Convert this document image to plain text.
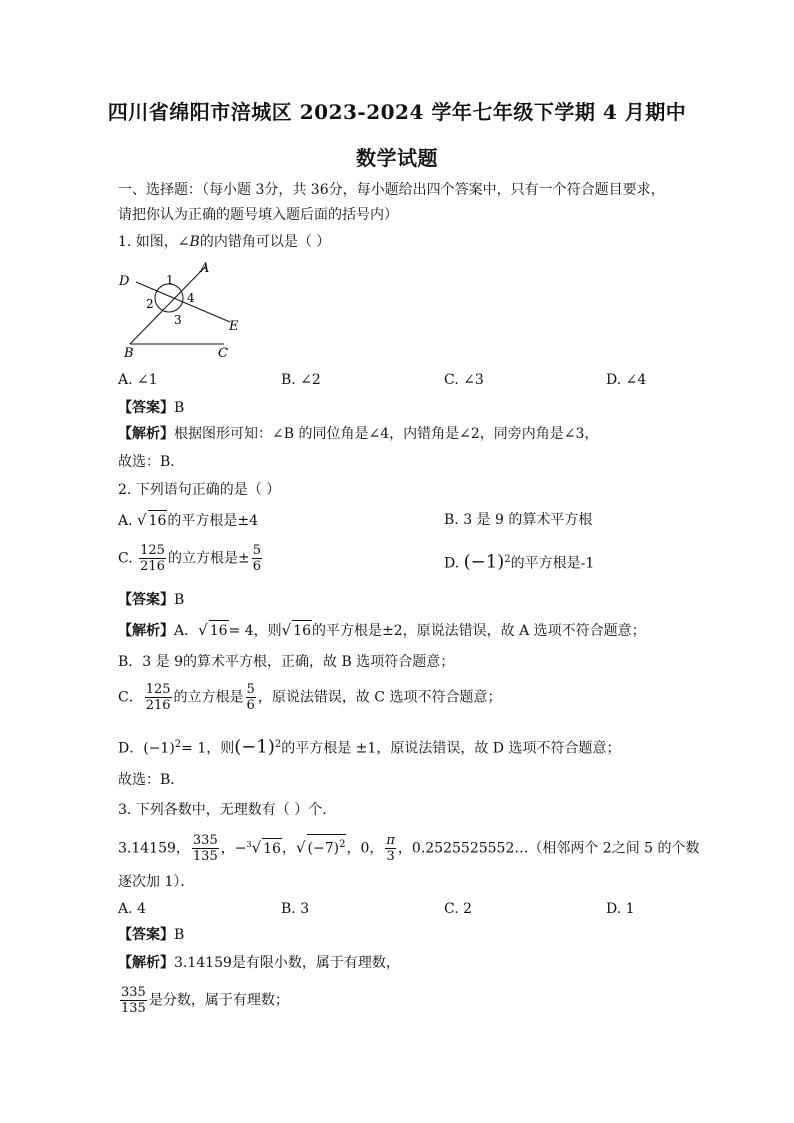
四川省绵阳市涪城区 2023-2024 学年七年级下学期 4 月期中
数学试题
一、选择题：（每小题 3分，共 36分，每小题给出四个答案中，只有一个符合题目要求，
请把你认为正确的题号填入题后面的括号内）
1. 如图，∠B的内错角可以是（ ）
A
D
E
B	C
1
2
3
4
A. ∠1	B. ∠2	C. ∠3	D. ∠4
【答案】B
【解析】根据图形可知：∠B 的同位角是∠4，内错角是∠2，同旁内角是∠3，
故选：B．
2. 下列语句正确的是（ ）
A. √ 16的平方根是±4	B. 3 是 9 的算术平方根
C. $\frac{125}{216}$ 的立方根是± $\frac{5}{6}$	D. $(-1)^2$的平方根是-1
【答案】B
【解析】A．√ 16= 4，则√ 16的平方根是±2，原说法错误，故 A 选项不符合题意；
B．3 是 9的算术平方根，正确，故 B 选项符合题意；
C． $\frac{125}{216}$ 的立方根是 $\frac{5}{6}$ ，原说法错误，故 C 选项不符合题意；
D．$(-1)^2= 1$，则$(-1)^2$的平方根是 ±1，原说法错误，故 D 选项不符合题意；
故选：B．
3. 下列各数中，无理数有（ ）个．
3.14159， $\frac{335}{135}$ ，−$^3$√ 16，√ $(-7)^2$，0， $\frac{\pi}{3}$ ，0.2525525552…（相邻两个 2之间 5 的个数
逐次加 1）．
A. 4	B. 3	C. 2	D. 1
【答案】B
【解析】3.14159是有限小数，属于有理数，
$\frac{335}{135}$ 是分数，属于有理数；
